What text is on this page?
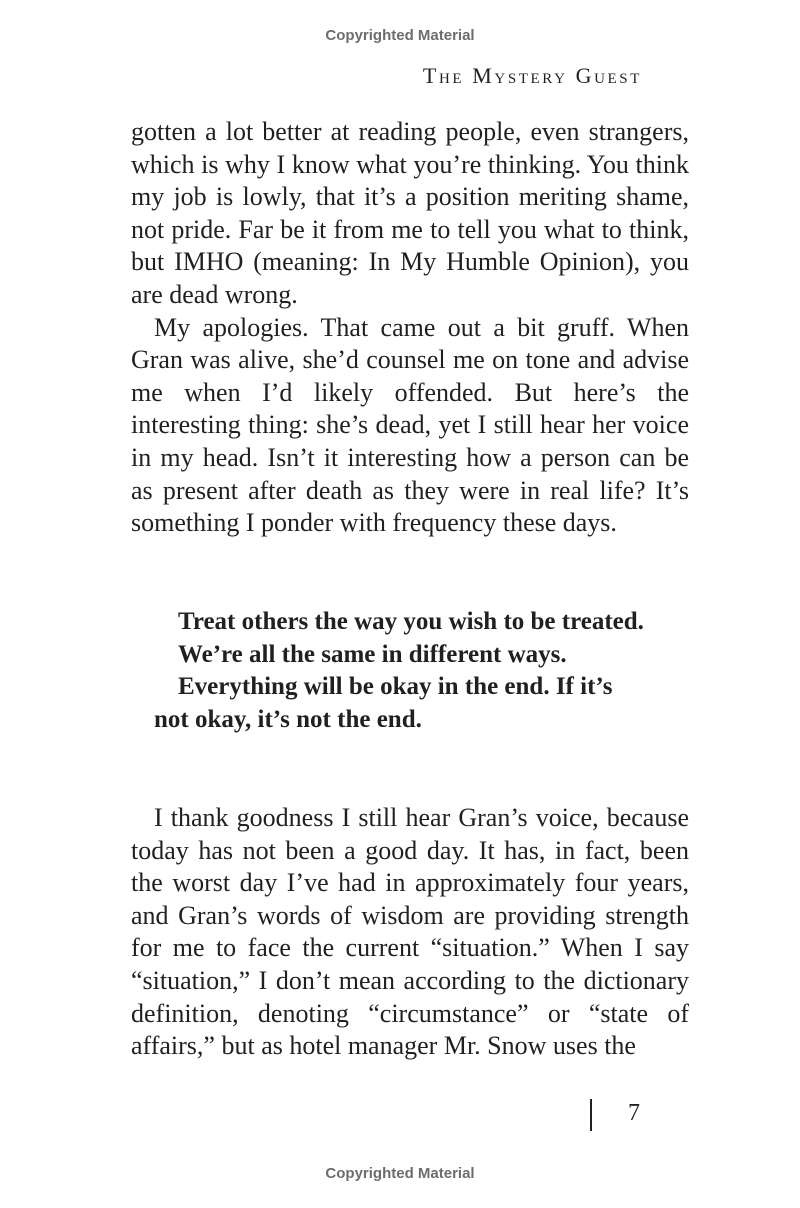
Copyrighted Material
The Mystery Guest

gotten a lot better at reading people, even strangers, which is why I know what you’re thinking. You think my job is lowly, that it’s a position meriting shame, not pride. Far be it from me to tell you what to think, but IMHO (meaning: In My Humble Opinion), you are dead wrong.

My apologies. That came out a bit gruff. When Gran was alive, she’d counsel me on tone and advise me when I’d likely offended. But here’s the interesting thing: she’s dead, yet I still hear her voice in my head. Isn’t it interesting how a person can be as present after death as they were in real life? It’s something I ponder with frequency these days.

Treat others the way you wish to be treated.

We’re all the same in different ways.

Everything will be okay in the end. If it’s not okay, it’s not the end.

I thank goodness I still hear Gran’s voice, because today has not been a good day. It has, in fact, been the worst day I’ve had in approximately four years, and Gran’s words of wisdom are providing strength for me to face the current “situation.” When I say “situation,” I don’t mean according to the dictionary definition, denoting “circumstance” or “state of affairs,” but as hotel manager Mr. Snow uses the

7
Copyrighted Material
